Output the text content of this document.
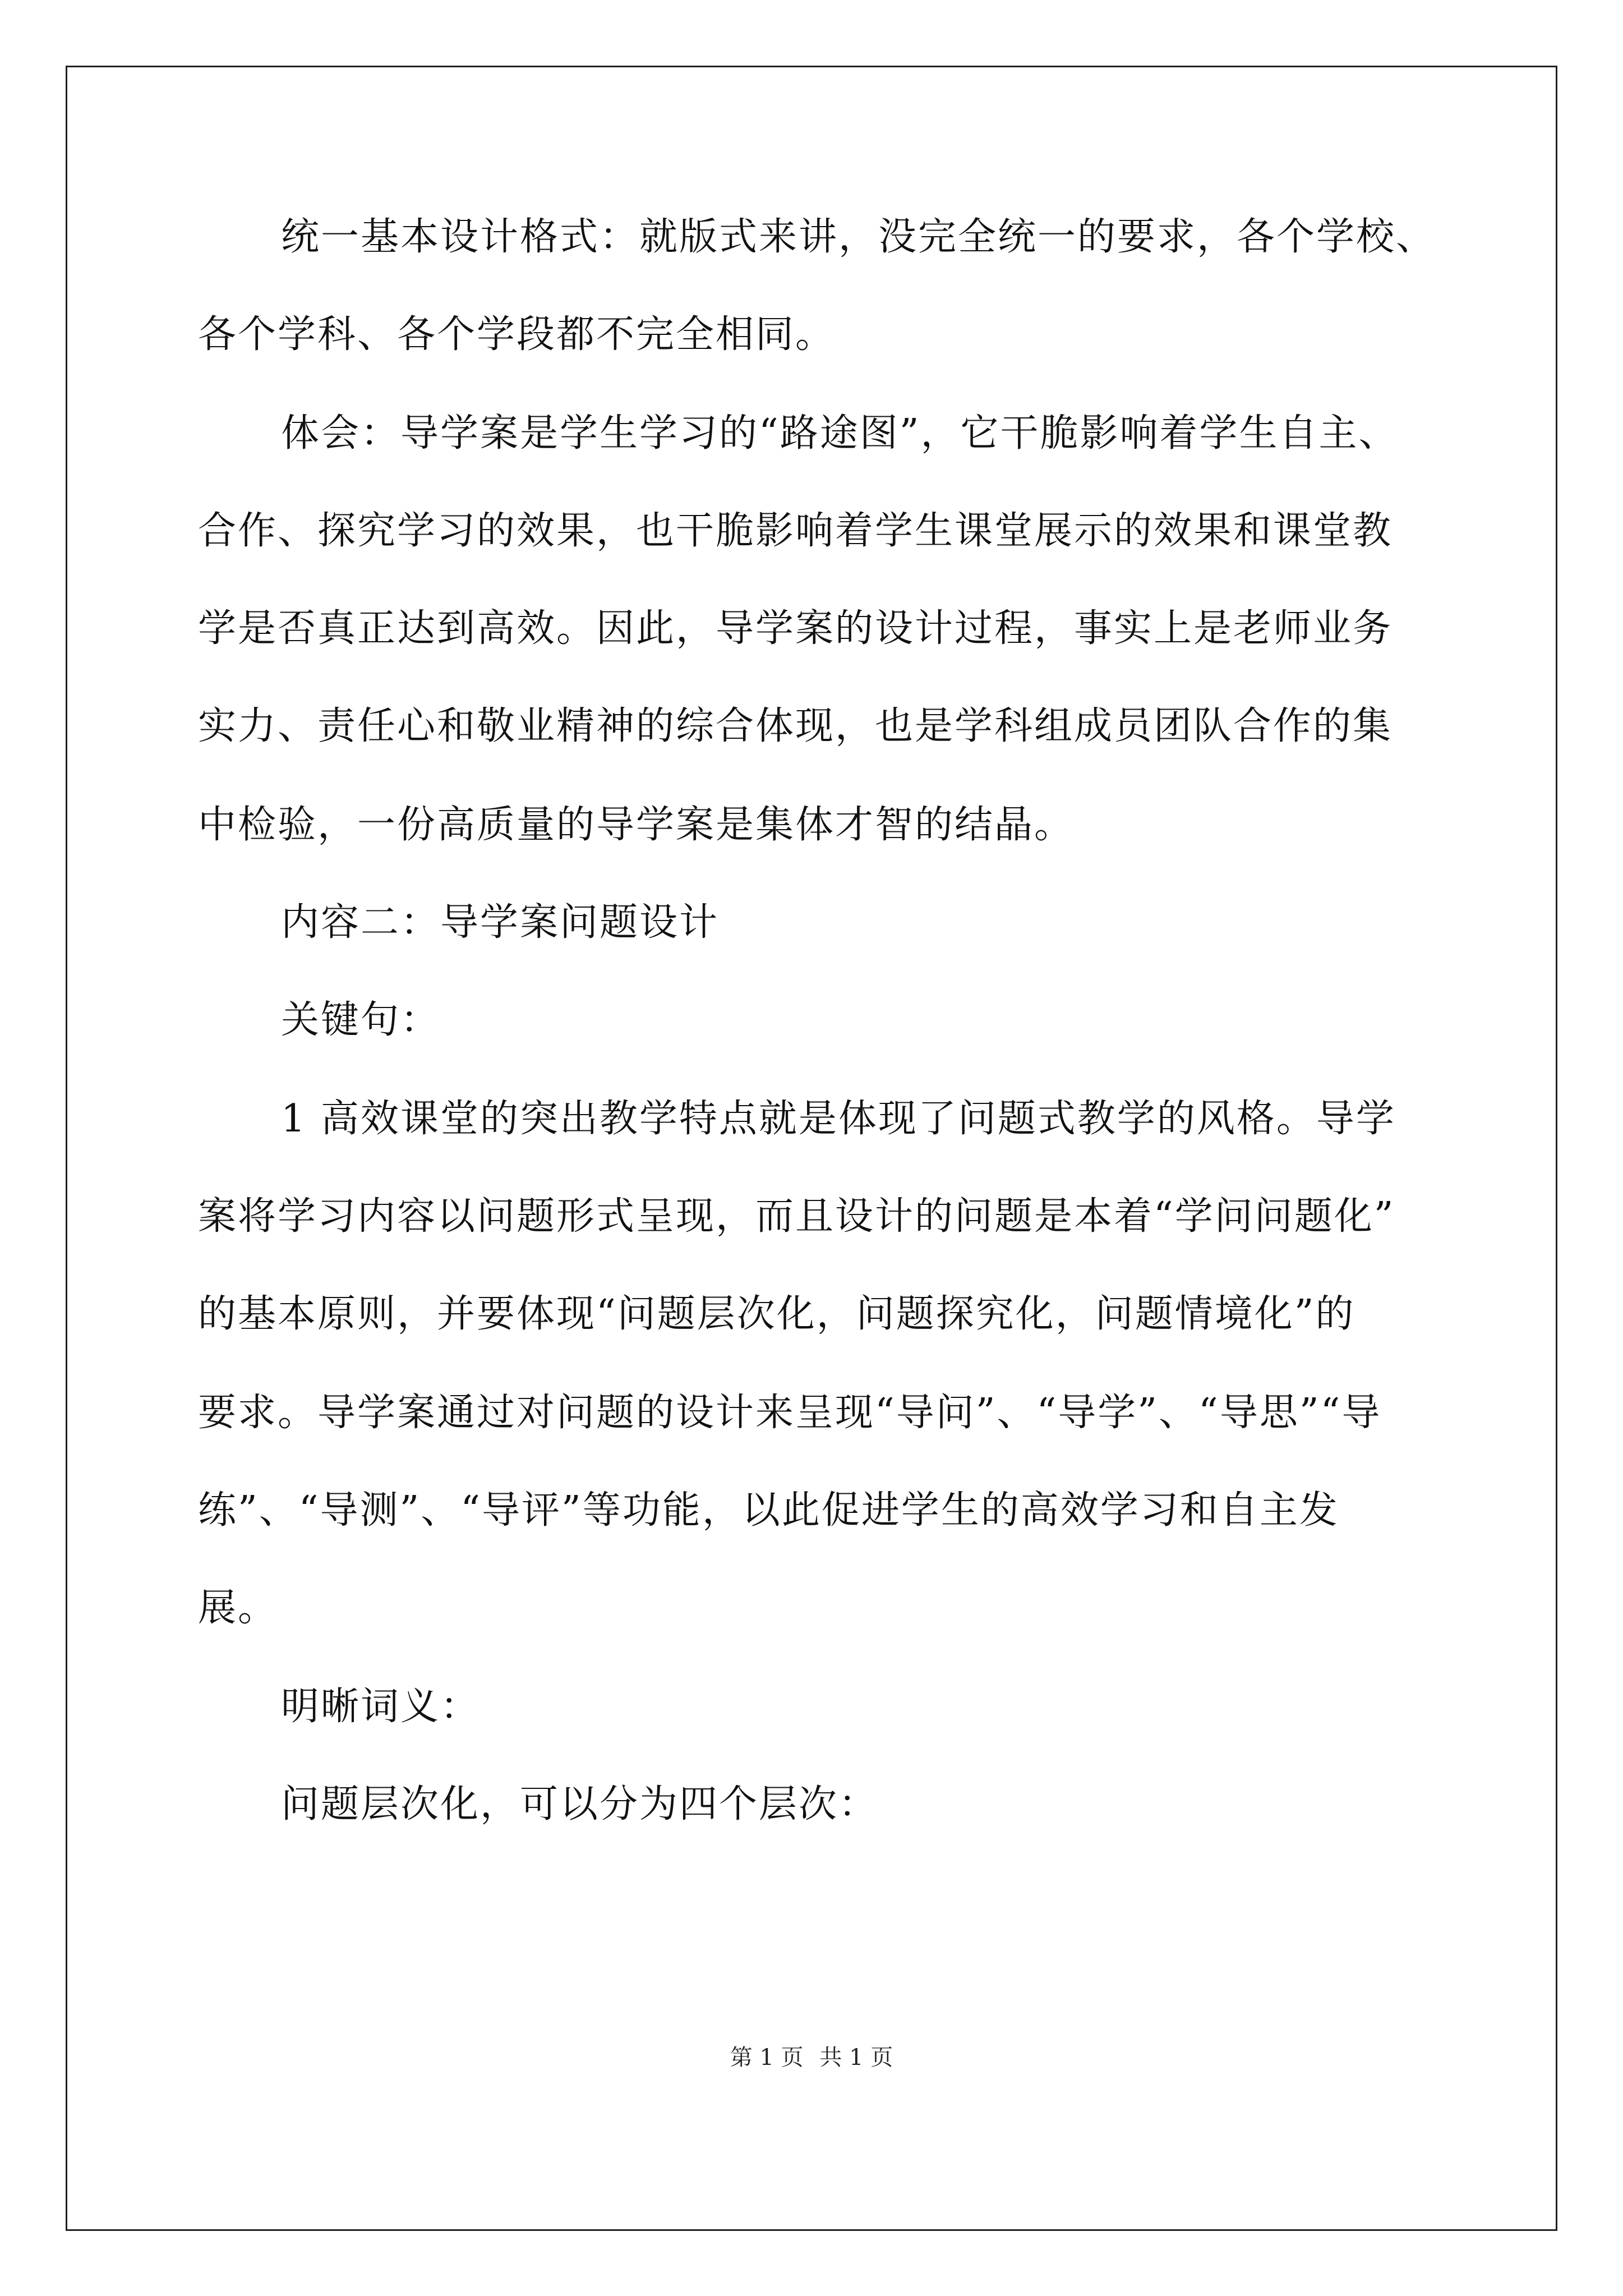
统一基本设计格式：就版式来讲，没完全统一的要求，各个学校、
各个学科、各个学段都不完全相同。
体会：导学案是学生学习的“路途图”，它干脆影响着学生自主、
合作、探究学习的效果，也干脆影响着学生课堂展示的效果和课堂教
学是否真正达到高效。因此，导学案的设计过程，事实上是老师业务
实力、责任心和敬业精神的综合体现，也是学科组成员团队合作的集
中检验，一份高质量的导学案是集体才智的结晶。
内容二：导学案问题设计
关键句：
1 高效课堂的突出教学特点就是体现了问题式教学的风格。导学
案将学习内容以问题形式呈现，而且设计的问题是本着“学问问题化”
的基本原则，并要体现“问题层次化，问题探究化，问题情境化”的
要求。导学案通过对问题的设计来呈现“导问”、“导学”、“导思”“导
练”、“导测”、“导评”等功能，以此促进学生的高效学习和自主发
展。
明晰词义：
问题层次化，可以分为四个层次：
第 1 页 共 1 页
